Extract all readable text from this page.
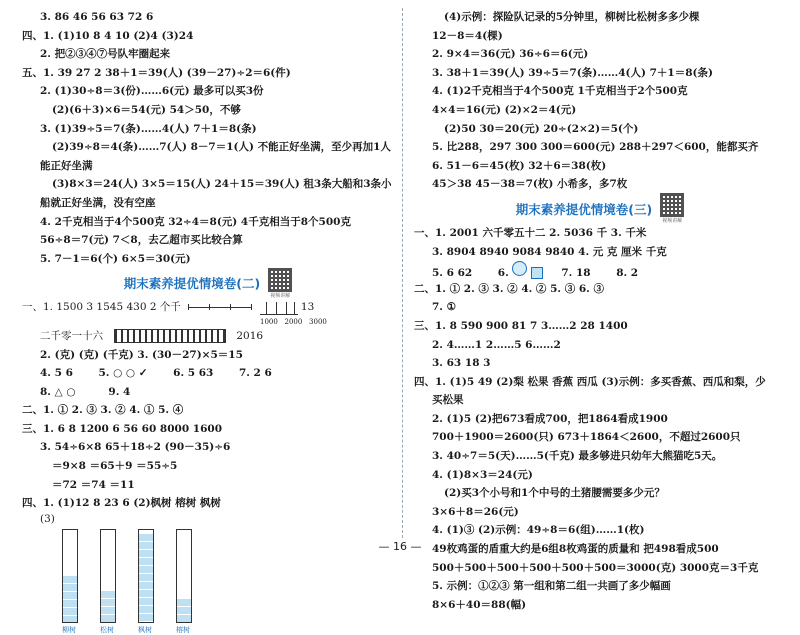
3. 86 46 56 63 72 6
四、1. (1)10 8 4 10 (2)4 (3)24
2. 把②③④⑦号队牢圈起来
五、1. 39 27 2 38＋1＝39(人) (39－27)÷2＝6(件)
2. (1)30÷8＝3(份)……6(元) 最多可以买3份
(2)(6＋3)×6＝54(元) 54＞50，不够
3. (1)39÷5＝7(条)……4(人) 7＋1＝8(条)
(2)39÷8＝4(条)……7(人) 8－7＝1(人) 不能正好坐满，至少再加1人
能正好坐满
(3)8×3＝24(人) 3×5＝15(人) 24＋15＝39(人) 租3条大船和3条小
船就正好坐满，没有空座
4. 2千克相当于4个500克 32÷4＝8(元) 4千克相当于8个500克
56÷8＝7(元) 7＜8，去乙超市买比较合算
5. 7－1＝6(个) 6×5＝30(元)
期末素养提优情境卷(二)
视频讲解
一、1. 1500 3 1545 430 2 个千
	13
1000 2000 3000
二千零一十六	2016
2. (克) (克) (千克) 3. (30－27)×5＝15
4. 5 6 5. ○ ○ ✓ 6. 5 63 7. 2 6
8. △ ○	9. 4
二、1. ① 2. ③ 3. ② 4. ① 5. ④
三、1. 6 8 1200 6 56 60 8000 1600
3. 54÷6×8 65＋18÷2 (90－35)÷6
＝9×8 ＝65＋9 ＝55÷5
＝72 ＝74 ＝11
四、1. (1)12 8 23 6 (2)枫树 榕树 枫树
(3)
柳树	松树	枫树	榕树
(4)示例：探险队记录的5分钟里，柳树比松树多多少棵
12－8＝4(棵)
2. 9×4＝36(元) 36÷6＝6(元)
3. 38＋1＝39(人) 39÷5＝7(条)……4(人) 7＋1＝8(条)
4. (1)2千克相当于4个500克 1千克相当于2个500克
4×4＝16(元) (2)×2＝4(元)
(2)50 30＝20(元) 20÷(2×2)＝5(个)
5. 比288，297 300 300＝600(元) 288＋297＜600，能都买齐
6. 51－6＝45(枚) 32＋6＝38(枚)
45＞38 45－38＝7(枚) 小希多，多7枚
期末素养提优情境卷(三)
视频讲解
一、1. 2001 六千零五十二 2. 5036 千 3. 千米
3. 8904 8940 9084 9840 4. 元 克 厘米 千克
5. 6 62 6.	7. 18 8. 2
二、1. ① 2. ③ 3. ② 4. ② 5. ③ 6. ③
7. ①
三、1. 8 590 900 81 7 3……2 28 1400
2. 4……1 2……5 6……2
3. 63 18 3
四、1. (1)5 49 (2)梨 松果 香蕉 西瓜 (3)示例：多买香蕉、西瓜和梨，少
买松果
2. (1)5 (2)把673看成700，把1864看成1900
700＋1900＝2600(只) 673＋1864＜2600，不超过2600只
3. 40÷7＝5(天)……5(千克) 最多够进只幼年大熊猫吃5天。
4. (1)8×3＝24(元)
(2)买3个小号和1个中号的土猪腰需要多少元？
3×6＋8＝26(元)
4. (1)③ (2)示例：49÷8＝6(组)……1(枚)
49枚鸡蛋的盾重大约是6组8枚鸡蛋的质量和 把498看成500
500＋500＋500＋500＋500＋500＝3000(克) 3000克＝3千克
5. 示例：①②③ 第一组和第二组一共画了多少幅画
8×6＋40＝88(幅)
— 16 —
